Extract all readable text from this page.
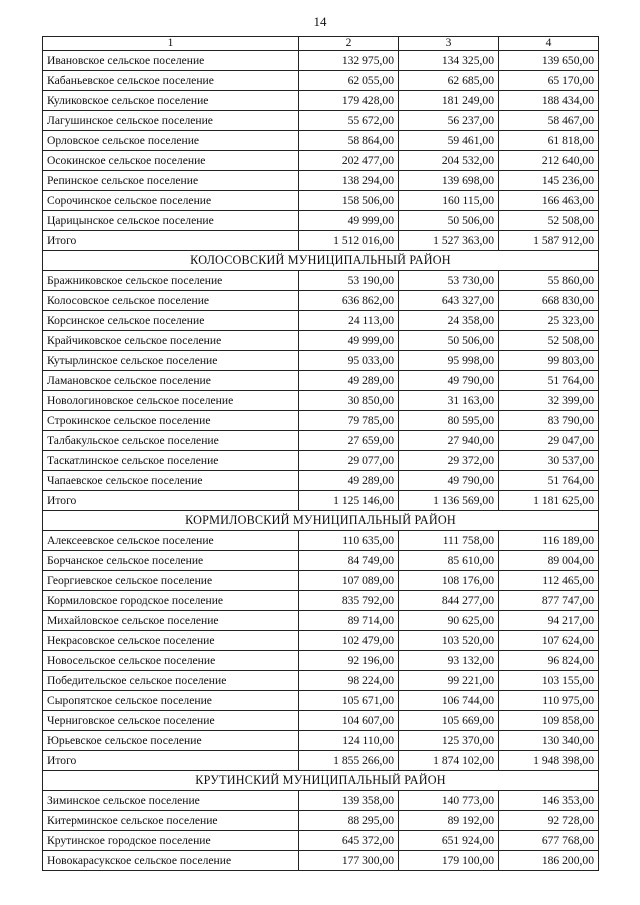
14
1	2	3	4
Ивановское сельское поселение	132 975,00	134 325,00	139 650,00
Кабаньевское сельское поселение	62 055,00	62 685,00	65 170,00
Куликовское сельское поселение	179 428,00	181 249,00	188 434,00
Лагушинское сельское поселение	55 672,00	56 237,00	58 467,00
Орловское сельское поселение	58 864,00	59 461,00	61 818,00
Осокинское сельское поселение	202 477,00	204 532,00	212 640,00
Репинское сельское поселение	138 294,00	139 698,00	145 236,00
Сорочинское сельское поселение	158 506,00	160 115,00	166 463,00
Царицынское сельское поселение	49 999,00	50 506,00	52 508,00
Итого	1 512 016,00	1 527 363,00	1 587 912,00
КОЛОСОВСКИЙ МУНИЦИПАЛЬНЫЙ РАЙОН			
Бражниковское сельское поселение	53 190,00	53 730,00	55 860,00
Колосовское сельское поселение	636 862,00	643 327,00	668 830,00
Корсинское сельское поселение	24 113,00	24 358,00	25 323,00
Крайчиковское сельское поселение	49 999,00	50 506,00	52 508,00
Кутырлинское сельское поселение	95 033,00	95 998,00	99 803,00
Ламановское сельское поселение	49 289,00	49 790,00	51 764,00
Новологиновское сельское поселение	30 850,00	31 163,00	32 399,00
Строкинское сельское поселение	79 785,00	80 595,00	83 790,00
Талбакульское сельское поселение	27 659,00	27 940,00	29 047,00
Таскатлинское сельское поселение	29 077,00	29 372,00	30 537,00
Чапаевское сельское поселение	49 289,00	49 790,00	51 764,00
Итого	1 125 146,00	1 136 569,00	1 181 625,00
КОРМИЛОВСКИЙ МУНИЦИПАЛЬНЫЙ РАЙОН			
Алексеевское сельское поселение	110 635,00	111 758,00	116 189,00
Борчанское сельское поселение	84 749,00	85 610,00	89 004,00
Георгиевское сельское поселение	107 089,00	108 176,00	112 465,00
Кормиловское городское поселение	835 792,00	844 277,00	877 747,00
Михайловское сельское поселение	89 714,00	90 625,00	94 217,00
Некрасовское сельское поселение	102 479,00	103 520,00	107 624,00
Новосельское сельское поселение	92 196,00	93 132,00	96 824,00
Победительское сельское поселение	98 224,00	99 221,00	103 155,00
Сыропятское сельское поселение	105 671,00	106 744,00	110 975,00
Черниговское сельское поселение	104 607,00	105 669,00	109 858,00
Юрьевское сельское поселение	124 110,00	125 370,00	130 340,00
Итого	1 855 266,00	1 874 102,00	1 948 398,00
КРУТИНСКИЙ МУНИЦИПАЛЬНЫЙ РАЙОН			
Зиминское сельское поселение	139 358,00	140 773,00	146 353,00
Китерминское сельское поселение	88 295,00	89 192,00	92 728,00
Крутинское городское поселение	645 372,00	651 924,00	677 768,00
Новокарасукское сельское поселение	177 300,00	179 100,00	186 200,00
